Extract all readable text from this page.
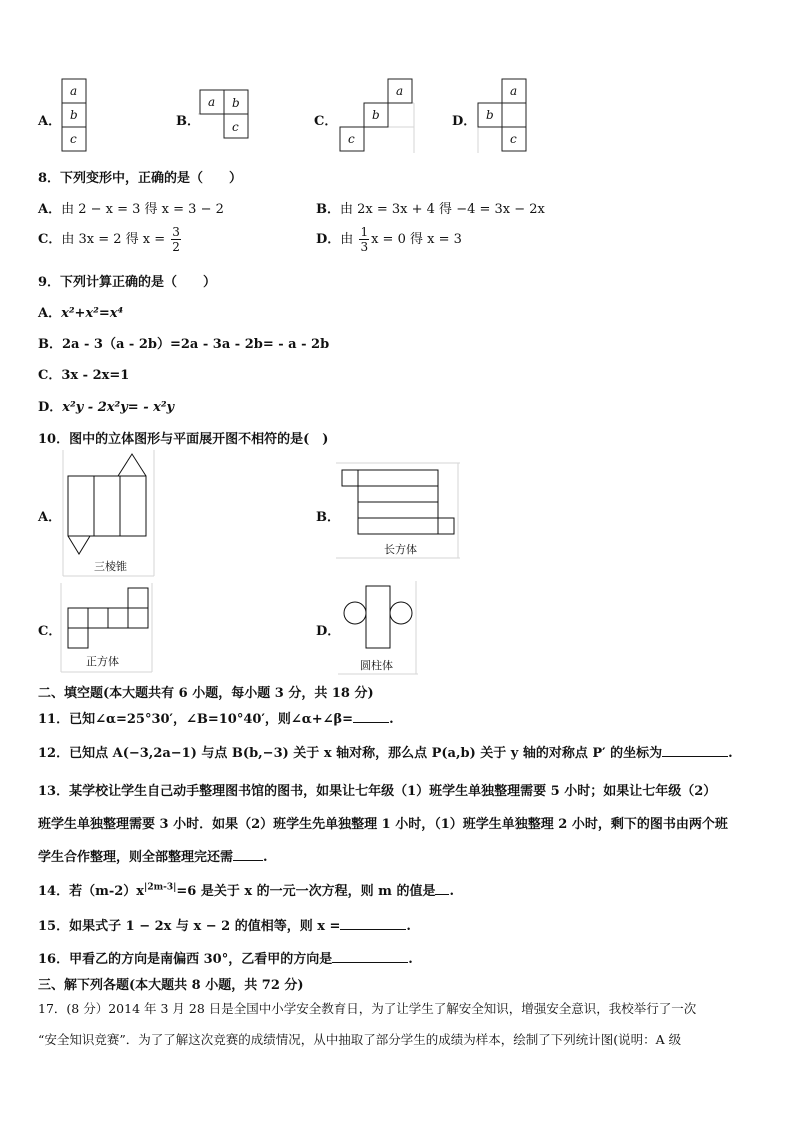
A．
a
b
c
B．
a b
c	C．
a
b
c
D．
a
b
c
8．下列变形中，正确的是（　　）
A．由 2 − x = 3 得 x = 3 − 2	B．由 2x = 3x + 4 得 −4 = 3x − 2x
C．由 3x = 2 得 $x = \frac{3}{2}$	D．由 $\frac{1}{3}$ x = 0 得 x = 3
9．下列计算正确的是（　　）
A．x²+x²=x⁴
B．2a - 3（a - 2b）=2a - 3a - 2b= - a - 2b
C．3x - 2x=1
D．x²y - 2x²y= - x²y
10．图中的立体图形与平面展开图不相符的是(　)
A．
三棱锥
B．
长方体
C．
正方体
D．
圆柱体
二、填空题(本大题共有 6 小题，每小题 3 分，共 18 分)
11．已知∠α=25°30′，∠B=10°40′，则∠α+∠β=	.
12．已知点 A(−3,2a−1) 与点 B(b,−3) 关于 x 轴对称，那么点 P(a,b) 关于 y 轴的对称点 P′ 的坐标为	.
13．某学校让学生自己动手整理图书馆的图书，如果让七年级（1）班学生单独整理需要 5 小时；如果让七年级（2）
班学生单独整理需要 3 小时．如果（2）班学生先单独整理 1 小时，（1）班学生单独整理 2 小时，剩下的图书由两个班
学生合作整理，则全部整理完还需 .
14．若$(m-2)x^{|2m-3|}=6$ 是关于 x 的一元一次方程，则 m 的值是 .
15．如果式子 1 − 2x 与 x − 2 的值相等，则 x =	.
16．甲看乙的方向是南偏西 30°，乙看甲的方向是	.
三、解下列各题(本大题共 8 小题，共 72 分)
17．(8 分）2014 年 3 月 28 日是全国中小学安全教育日，为了让学生了解安全知识，增强安全意识，我校举行了一次
“安全知识竞赛”．为了了解这次竞赛的成绩情况，从中抽取了部分学生的成绩为样本，绘制了下列统计图(说明：A 级
